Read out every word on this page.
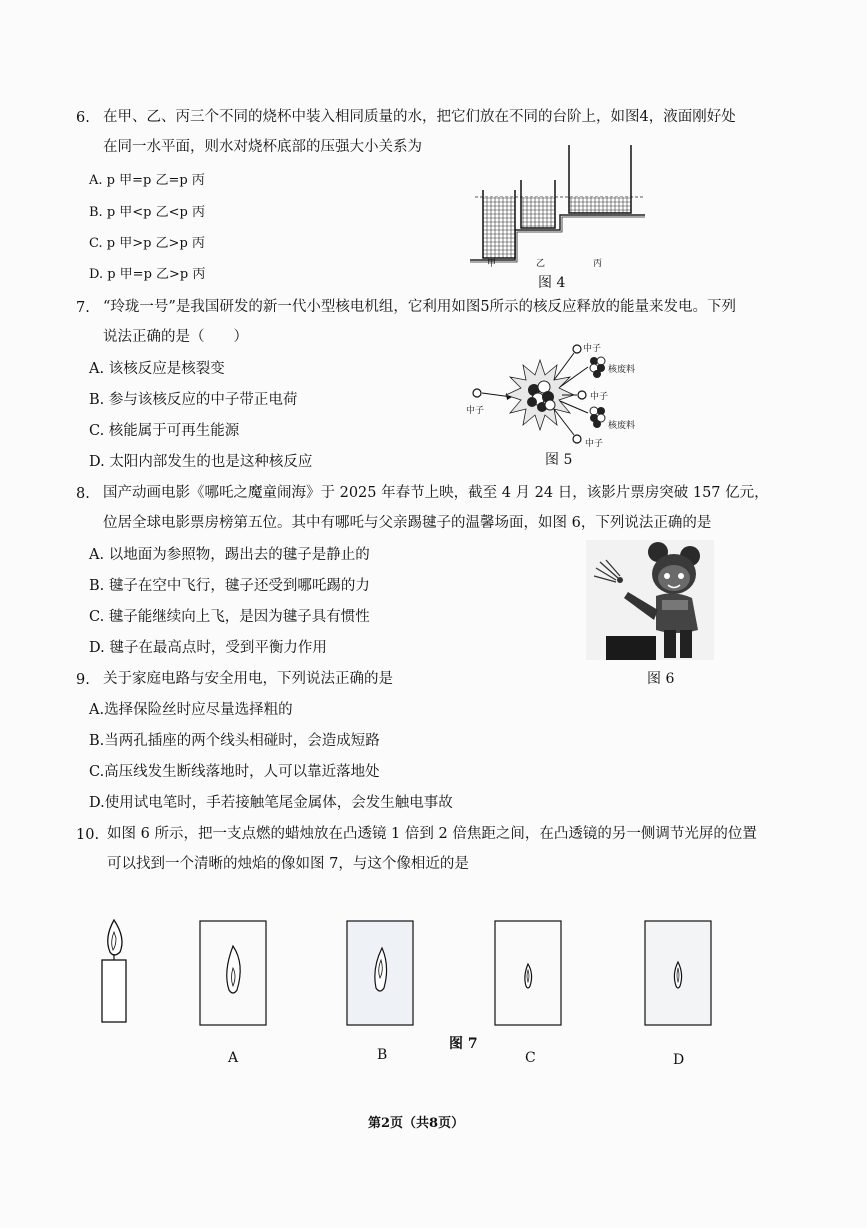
6. 在甲、乙、丙三个不同的烧杯中装入相同质量的水，把它们放在不同的台阶上，如图4，液面刚好处
在同一水平面，则水对烧杯底部的压强大小关系为
A. p 甲=p 乙=p 丙
B. p 甲<p 乙<p 丙
C. p 甲>p 乙>p 丙
D. p 甲=p 乙>p 丙
甲	乙	丙
图 4
7. “玲珑一号”是我国研发的新一代小型核电机组，它利用如图5所示的核反应释放的能量来发电。下列
说法正确的是（　　）
A. 该核反应是核裂变
B. 参与该核反应的中子带正电荷
C. 核能属于可再生能源
D. 太阳内部发生的也是这种核反应
中子
中子
核废料
中子
核废料
中子
图 5
8. 国产动画电影《哪吒之魔童闹海》于 2025 年春节上映，截至 4 月 24 日，该影片票房突破 157 亿元，
位居全球电影票房榜第五位。其中有哪吒与父亲踢毽子的温馨场面，如图 6，下列说法正确的是
A. 以地面为参照物，踢出去的毽子是静止的
B. 毽子在空中飞行，毽子还受到哪吒踢的力
C. 毽子能继续向上飞，是因为毽子具有惯性
D. 毽子在最高点时，受到平衡力作用
图 6
9. 关于家庭电路与安全用电，下列说法正确的是
A.选择保险丝时应尽量选择粗的
B.当两孔插座的两个线头相碰时，会造成短路
C.高压线发生断线落地时，人可以靠近落地处
D.使用试电笔时，手若接触笔尾金属体，会发生触电事故
10. 如图 6 所示，把一支点燃的蜡烛放在凸透镜 1 倍到 2 倍焦距之间，在凸透镜的另一侧调节光屏的位置
可以找到一个清晰的烛焰的像如图 7，与这个像相近的是
A	B
图 7
C	D
第2页（共8页）
